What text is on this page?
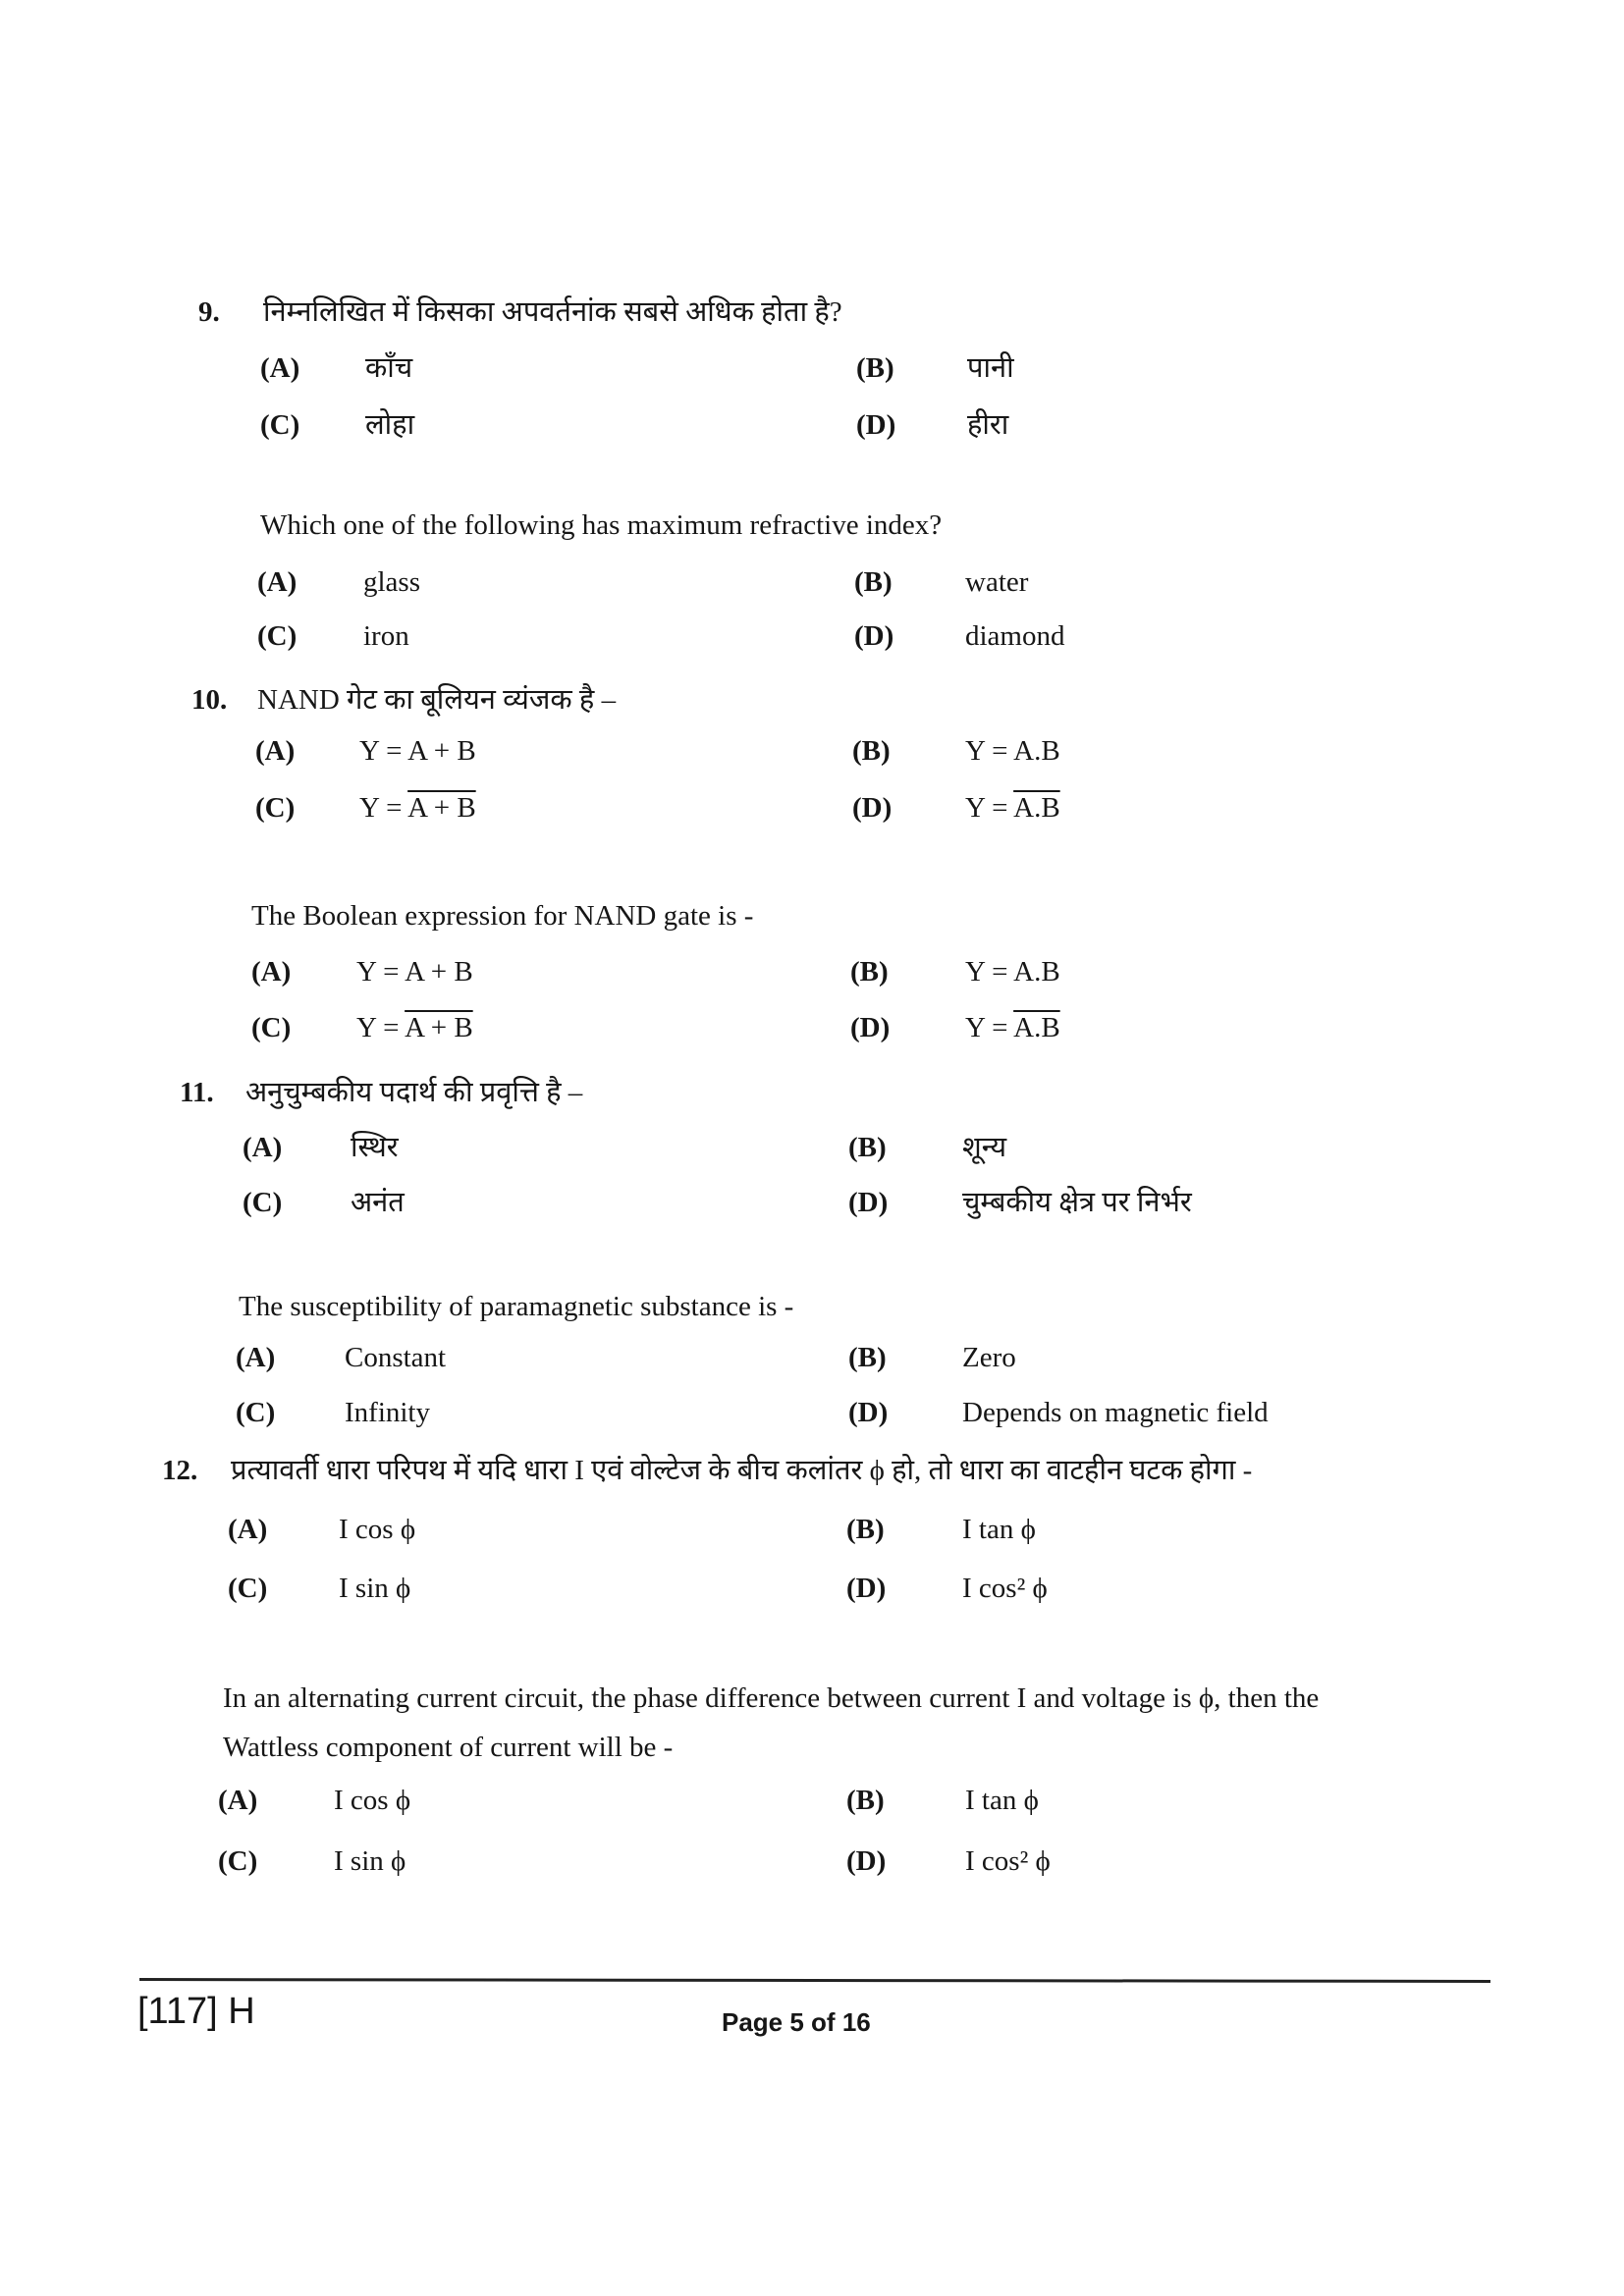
9. निम्नलिखित में किसका अपवर्तनांक सबसे अधिक होता है?
(A) काँच	(B)	पानी
(C) लोहा	(D)	हीरा
Which one of the following has maximum refractive index?
(A) glass	(B)	water
(C) iron	(D)	diamond
10. NAND गेट का बूलियन व्यंजक है –
(A) Y = A + B	(B)	Y = A.B
(C) Y = A + B	(D)	Y = A.B
The Boolean expression for NAND gate is -
(A) Y = A + B	(B)	Y = A.B
(C) Y = A + B	(D)	Y = A.B
11. अनुचुम्बकीय पदार्थ की प्रवृत्ति है –
(A) स्थिर	(B)	शून्य
(C) अनंत	(D)	चुम्बकीय क्षेत्र पर निर्भर
The susceptibility of paramagnetic substance is -
(A) Constant	(B)	Zero
(C) Infinity	(D)	Depends on magnetic field
12. प्रत्यावर्ती धारा परिपथ में यदि धारा I एवं वोल्टेज के बीच कलांतर ϕ हो, तो धारा का वाटहीन घटक होगा -
(A)	I cos ϕ	(B)	I tan ϕ
(C)	I sin ϕ	(D)	I cos² ϕ
In an alternating current circuit, the phase difference between current I and voltage is ϕ, then the
Wattless component of current will be -
(A)	I cos ϕ	(B)	I tan ϕ
(C)	I sin ϕ	(D)	I cos² ϕ
[117] H	Page 5 of 16
